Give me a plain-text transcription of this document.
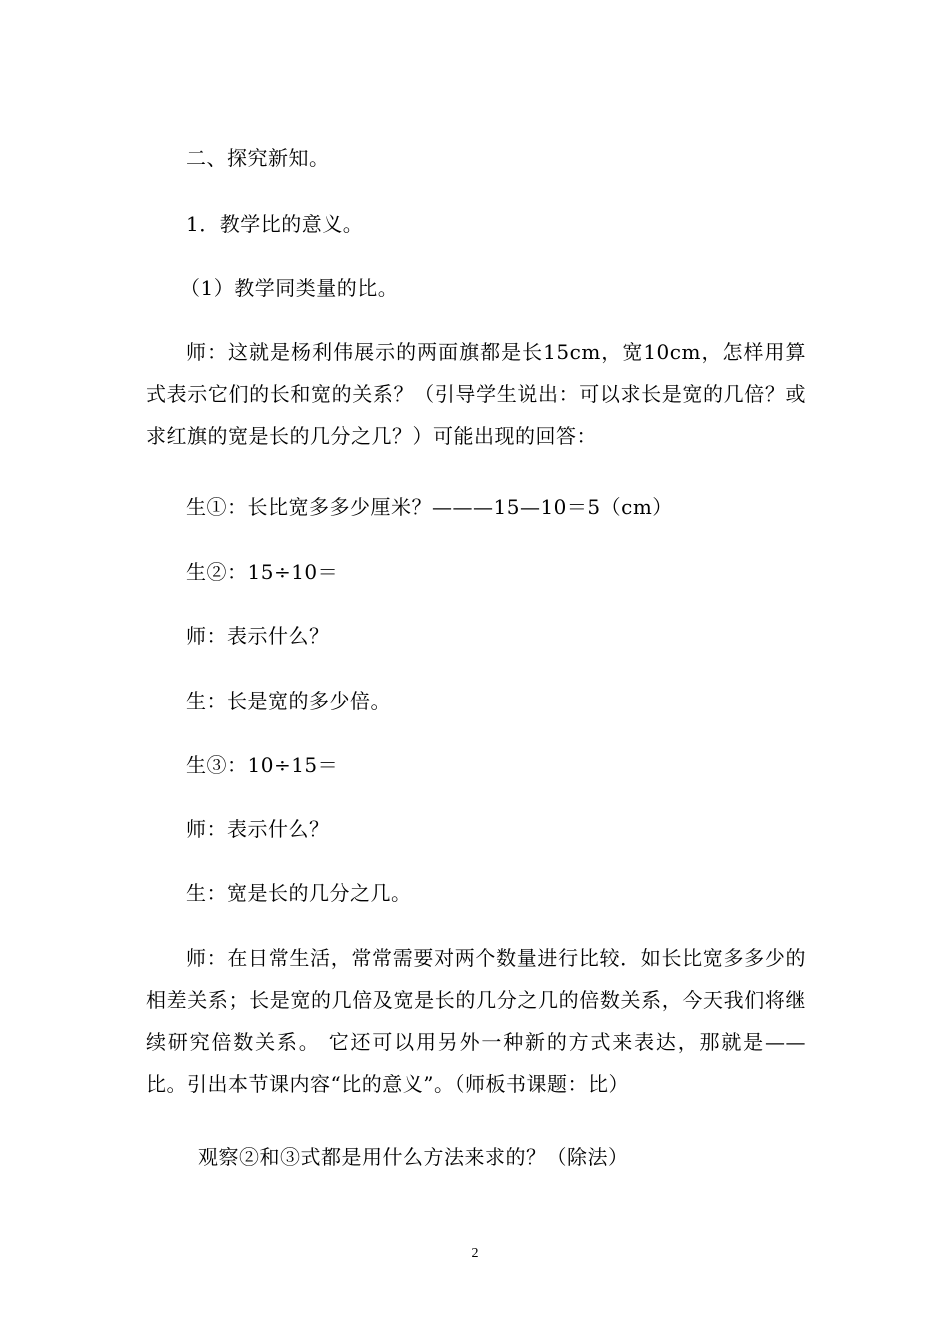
二、探究新知。
1．教学比的意义。
（1）教学同类量的比。
师：这就是杨利伟展示的两面旗都是长15cm，宽10cm，怎样用算式表示它们的长和宽的关系？（引导学生说出：可以求长是宽的几倍？或求红旗的宽是长的几分之几？）可能出现的回答：
生①：长比宽多多少厘米？———15—10＝5（cm）
生②：15÷10＝
师：表示什么？
生：长是宽的多少倍。
生③：10÷15＝
师：表示什么？
生：宽是长的几分之几。
师：在日常生活，常常需要对两个数量进行比较．如长比宽多多少的相差关系；长是宽的几倍及宽是长的几分之几的倍数关系，今天我们将继续研究倍数关系。 它还可以用另外一种新的方式来表达，那就是——比。引出本节课内容“比的意义”。（师板书课题：比）
观察②和③式都是用什么方法来求的？（除法）
2
